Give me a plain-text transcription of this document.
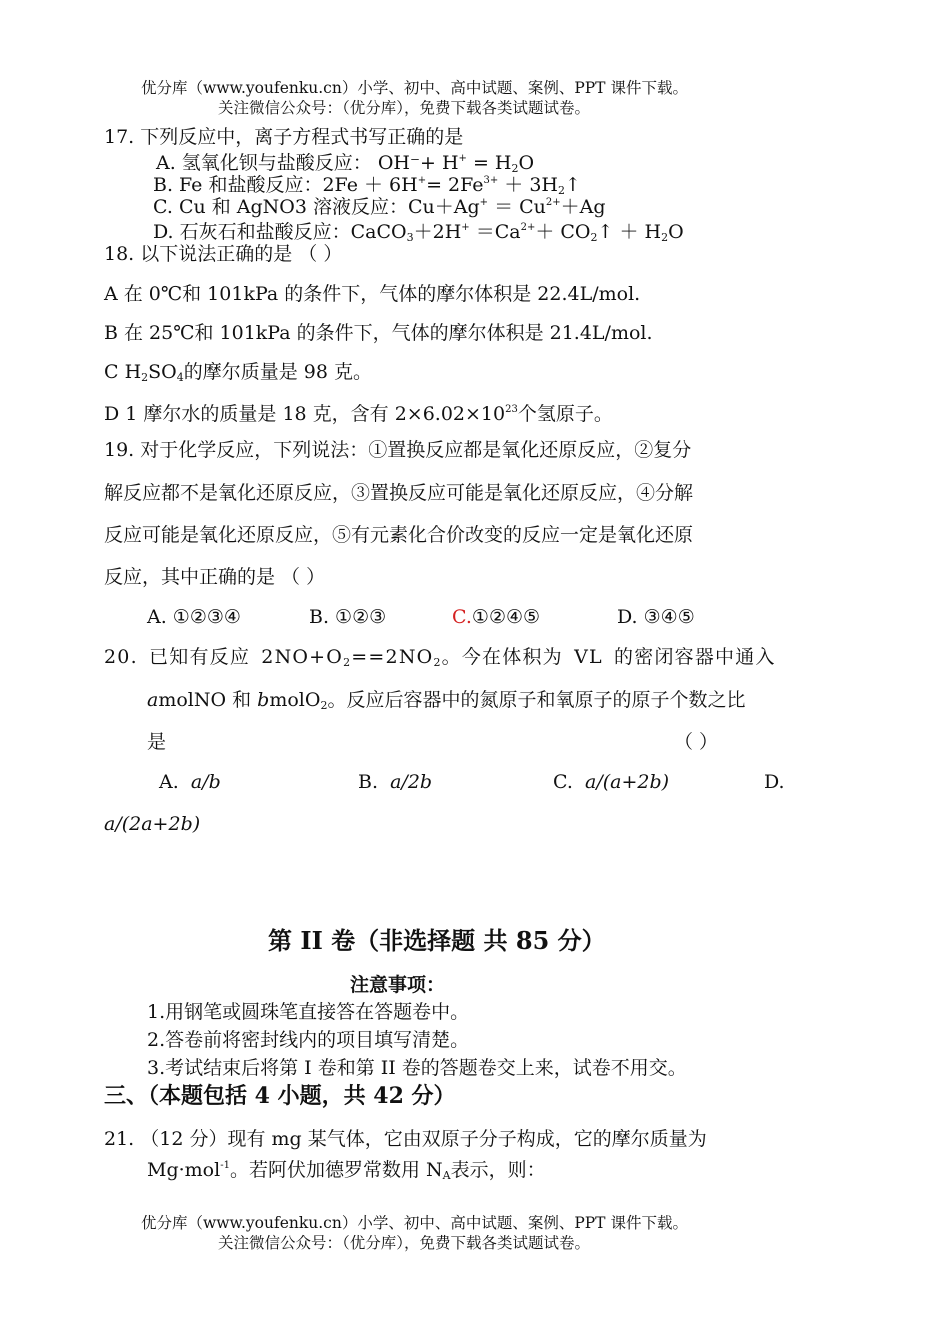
优分库（www.youfenku.cn）小学、初中、高中试题、案例、PPT 课件下载。
关注微信公众号：（优分库），免费下载各类试题试卷。
17. 下列反应中，离子方程式书写正确的是
A. 氢氧化钡与盐酸反应： $OH^-+ H^+ = H_2O$
B. Fe 和盐酸反应：$2Fe + 6H^+= 2Fe^{3+}$ ＋ $3H_2↑$
C. Cu 和 AgNO3 溶液反应：$Cu+Ag^+ = Cu^{2+}+Ag$
D. 石灰石和盐酸反应：CaCO$_3$＋2H+ $=Ca^{2+}+$ $CO_2↑ + H_2O$
18. 以下说法正确的是 （ ）
A 在 0℃和 101kPa 的条件下，气体的摩尔体积是 22.4L/mol.
B 在 25℃和 101kPa 的条件下，气体的摩尔体积是 21.4L/mol.
C $H_2SO_4$的摩尔质量是 98 克。
D 1 摩尔水的质量是 18 克，含有 $2\times 6.02\times 10^{23}$个氢原子。
19. 对于化学反应，下列说法：①置换反应都是氧化还原反应，②复分
解反应都不是氧化还原反应，③置换反应可能是氧化还原反应，④分解
反应可能是氧化还原反应，⑤有元素化合价改变的反应一定是氧化还原
反应，其中正确的是 （ ）
A. ①②③④	B. ①②③	C.①②④⑤	D. ③④⑤
20. 已知有反应 $2NO+O_2==2NO_2$。今在体积为 VL 的密闭容器中通入
amolNO 和 bmolO$_2$。反应后容器中的氮原子和氧原子的原子个数之比
是	（ ）
A. a/b	B. a/2b	C. a/(a+2b)	D.
a/(2a+2b)
第 II 卷（非选择题 共 85 分）
注意事项：
1.用钢笔或圆珠笔直接答在答题卷中。
2.答卷前将密封线内的项目填写清楚。
3.考试结束后将第 I 卷和第 II 卷的答题卷交上来，试卷不用交。
三、（本题包括 4 小题，共 42 分）
21. （12 分）现有 mg 某气体，它由双原子分子构成，它的摩尔质量为
Mg·mol$^{-1}$。若阿伏加德罗常数用 $N_A$表示，则：
优分库（www.youfenku.cn）小学、初中、高中试题、案例、PPT 课件下载。
关注微信公众号：（优分库），免费下载各类试题试卷。
